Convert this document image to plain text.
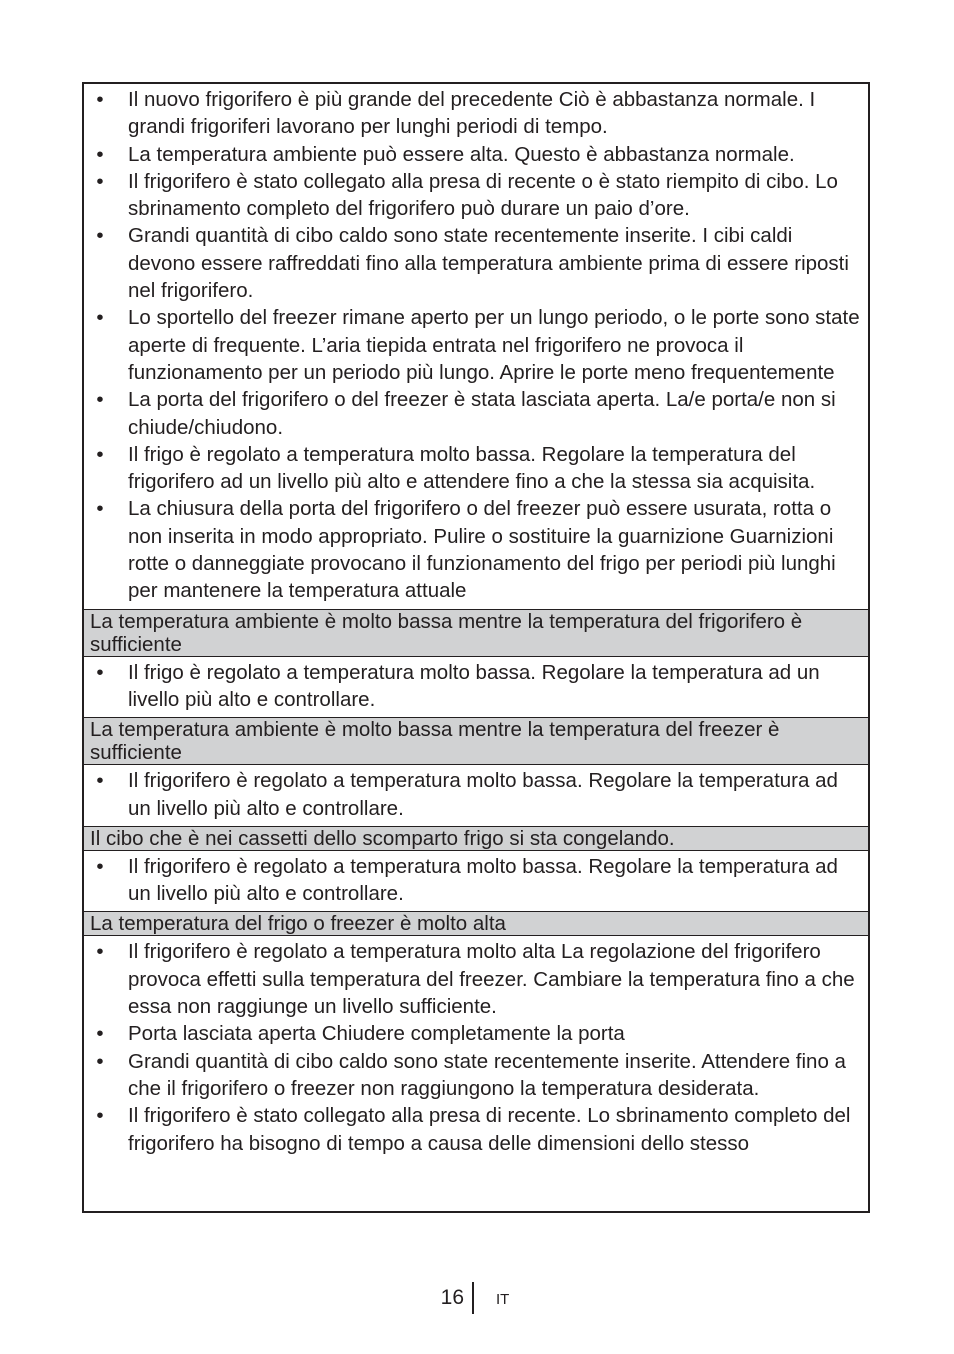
•	Il nuovo frigorifero è più grande del precedente Ciò è abbastanza normale. I grandi frigoriferi lavorano per lunghi periodi di tempo.
•	La temperatura ambiente può essere alta. Questo è abbastanza normale.
•	Il frigorifero è stato collegato alla presa di recente o è stato riempito di cibo. Lo sbrinamento completo del frigorifero può durare un paio d’ore.
•	Grandi quantità di cibo caldo sono state recentemente inserite. I cibi caldi devono essere raffreddati fino alla temperatura ambiente prima di essere riposti nel frigorifero.
•	Lo sportello del freezer rimane aperto per un lungo periodo, o le porte sono state aperte di frequente. L’aria tiepida entrata nel frigorifero ne provoca il funzionamento per un periodo più lungo. Aprire le porte meno frequentemente
•	La porta del frigorifero o del freezer è stata lasciata aperta. La/e porta/e non si chiude/chiudono.
•	Il frigo è regolato a temperatura molto bassa. Regolare la temperatura del frigorifero ad un livello più alto e attendere fino a che la stessa sia acquisita.
•	La chiusura della porta del frigorifero o del freezer può essere usurata, rotta o non inserita in modo appropriato. Pulire o sostituire la guarnizione Guarnizioni rotte o danneggiate provocano il funzionamento del frigo per periodi più lunghi per mantenere la temperatura attuale
La temperatura ambiente è molto bassa mentre la temperatura del frigorifero è sufficiente
•	Il frigo è regolato a temperatura molto bassa. Regolare la temperatura ad un livello più alto e controllare.
La temperatura ambiente è molto bassa mentre la temperatura del freezer è sufficiente
•	Il frigorifero è regolato a temperatura molto bassa. Regolare la temperatura ad un livello più alto e controllare.
Il cibo che è nei cassetti dello scomparto frigo si sta congelando.
•	Il frigorifero è regolato a temperatura molto bassa. Regolare la temperatura ad un livello più alto e controllare.
La temperatura del frigo o freezer è molto alta
•	Il frigorifero è regolato a temperatura molto alta La regolazione del frigorifero provoca effetti sulla temperatura del freezer. Cambiare la temperatura fino a che essa non raggiunge un livello sufficiente.
•	Porta lasciata aperta Chiudere completamente la porta
•	Grandi quantità di cibo caldo sono state recentemente inserite. Attendere fino a che il frigorifero o freezer non raggiungono la temperatura desiderata.
•	Il frigorifero è stato collegato alla presa di recente. Lo sbrinamento completo del frigorifero ha bisogno di tempo a causa delle dimensioni dello stesso
16 IT
